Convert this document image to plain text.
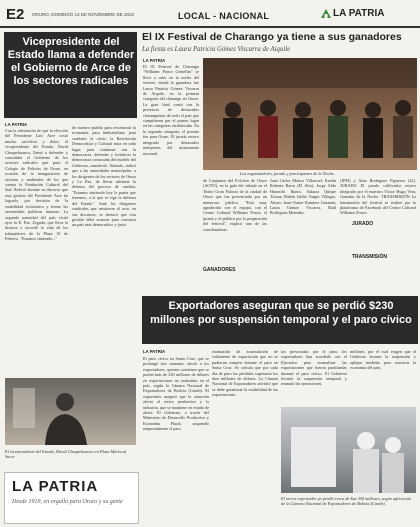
E2 ORURO, DOMINGO 13 DE NOVIEMBRE DE 2022	LOCAL - NACIONAL	LA PATRIA
Vicepresidente del Estado llama a defender el Gobierno de Arce de los sectores radicales
LA PATRIA
Con la afirmación de que la elección del Presidente Luis Arce costó mucho sacrificio y dolor, el vicepresidente del Estado, David Choquehuanca, llamó a defender y consolidar el Gobierno de los sectores radicales que pasó el Colegio de Policías de Oruro, en ocasión de la inauguración de oficinas y ambientes de los que cuenta la Fundación Cultural del Sud. Refirió durante su discurso que esta gestión del Presidente Arce ha logrado, por decisión de la estabilidad económica y frenar las arremetidas políticas internas. La segunda autoridad del país visitó ayer la E. Paz. Zegada, que lleva la historia y recordó la vida de los trabajadores de la Plaza 10 de Febrero. "Estamos sintiendo..."
de nuestro pueblo para reconstruir la economía, para industrializar, para combatir la crisis; la Revolución Democrática y Cultural mira en cada lugar, para continuar con la democracia, defender y fortalecer la democracia construida del modelo del Gobierno, manifestó. Además, indicó que a las autoridades municipales, a los dirigentes de los sectores de Oruro y La Paz, de llevar adelante la defensa del proceso de cambio, "Estamos sintiendo hoy la patria que tenemos, a la que se rige la defensa del Estado". Ante los dirigentes sindicales que asistieron al acto, en sus discursos, se destacó que esta gestión debe avanzar para construir un país más democrático y justo.
El vicepresidente del Estado, David Choquehuanca en Plaza Mariscal Sucre
LA PATRIA
Desde 1919, en orgullo para Oruro y su gente
El IX Festival de Charango ya tiene a sus ganadores
La fiesta es Laura Patricia Gómez Viscarra de Aiquile
LA PATRIA
El IX Festival de Charango "Williams Ponce Centellas" se llevó a cabo en la noche del viernes, donde la ganadora fue Laura Patricia Gómez Viscarra de Aiquile, en la primera categoría del charango en Oruro. La gran final contó con la presencia de destacados charanguistas de todo el país que compitieron por el primer lugar en las categorías establecidas. En la segunda categoría, el premio fue para Oruro. El jurado estuvo integrado por destacados intérpretes del instrumento nacional.
Los organizadores, jurado y participantes de la Noche.
de Conjuntos del Folclore de Oruro (ACFO), en la gala del sábado en el Teatro Gran Palacio de la ciudad de Oruro que fue presenciado por un numeroso público. "Está muy agradecido con el equipo, con el Centro Cultural Williams Ponce, el jurado y el público por la preparación del festival", explicó una de las coordinadoras.
GANADORES
Juan Carlos Mattos Villarroel, Kaelin Roberta Barra (El Alto), Jorge Aldo Huarachi Ibarra, Salazar Quispe Ticona, Rubén Jaldin Vargas Villegas, Alvaro Juan Osmar Ramírez Guzmán, Laura Gómez Viscarra, Raúl Rodríguez Montaño.
(JPM) y Alan Rodríguez Figueroa (42). JURADO El jurado calificador estuvo integrado por el maestro Víctor Hugo Vera, Ganador de la Noche. TRANSMISIÓN La transmisión del festival se realizó por la plataforma de Facebook del Centro Cultural Williams Ponce.
JURADO
TRANSMISIÓN
Exportadores aseguran que se perdió $230 millones por suspensión temporal y el paro cívico
LA PATRIA
El paro cívico en Santa Cruz, que se prolongó tres semanas, afectó a los exportadores, quienes sostienen que se perdió más de 230 millones de dólares en exportaciones no realizadas en el país, según la Cámara Nacional de Exportadores de Bolivia (Caneb). El exportador aseguró que la situación afecta al sector productivo y la industria, que se mantiene en estado de alerta. El Gobierno, a través del Ministerio de Desarrollo Productivo y Economía Plural, suspendió temporalmente el paro.
estimación de acumulación de volúmenes de exportación que no se pudieron cumplir durante el paro en Santa Cruz. Se calcula que por cada día de paro las pérdidas superaron los diez millones de dólares. La Cámara Nacional de Exportadores advirtió que se debe garantizar la estabilidad de las exportaciones.
tas provocadas por el paro, los exportadores han acordado con el Ejecutivo para normalizar las exportaciones que fueron paralizadas durante el paro cívico. El Gobierno levantó la suspensión temporal y reanudó las operaciones.
millones, por el cual exigen que el Gobierno levante la suspensión y aplique medidas para reactivar la economía del país.
El sector exportador ya perdió cerca de $us 300 millones, según aplicación de la Cámara Nacional de Exportadores de Bolivia (Caneb).
